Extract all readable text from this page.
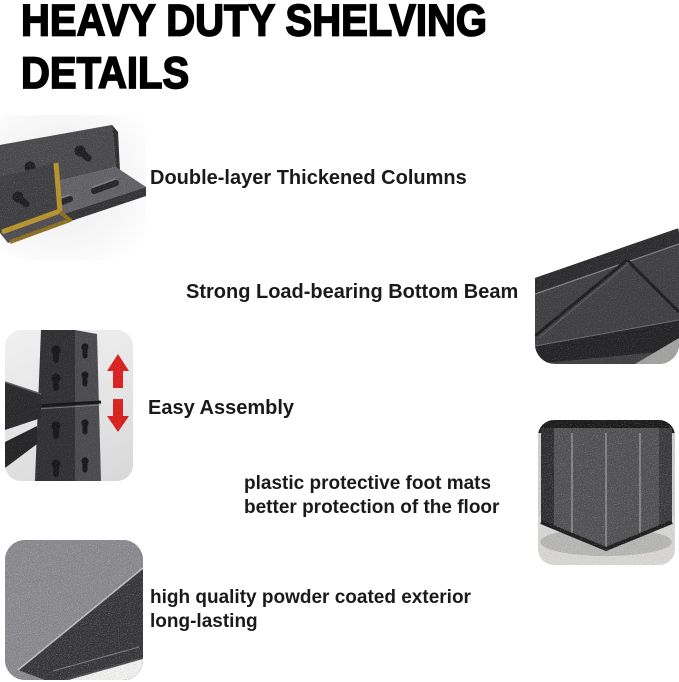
HEAVY DUTY SHELVING
DETAILS
Double-layer Thickened Columns
Strong Load-bearing Bottom Beam
Easy Assembly
plastic protective foot mats
better protection of the floor
high quality powder coated exterior
long-lasting
